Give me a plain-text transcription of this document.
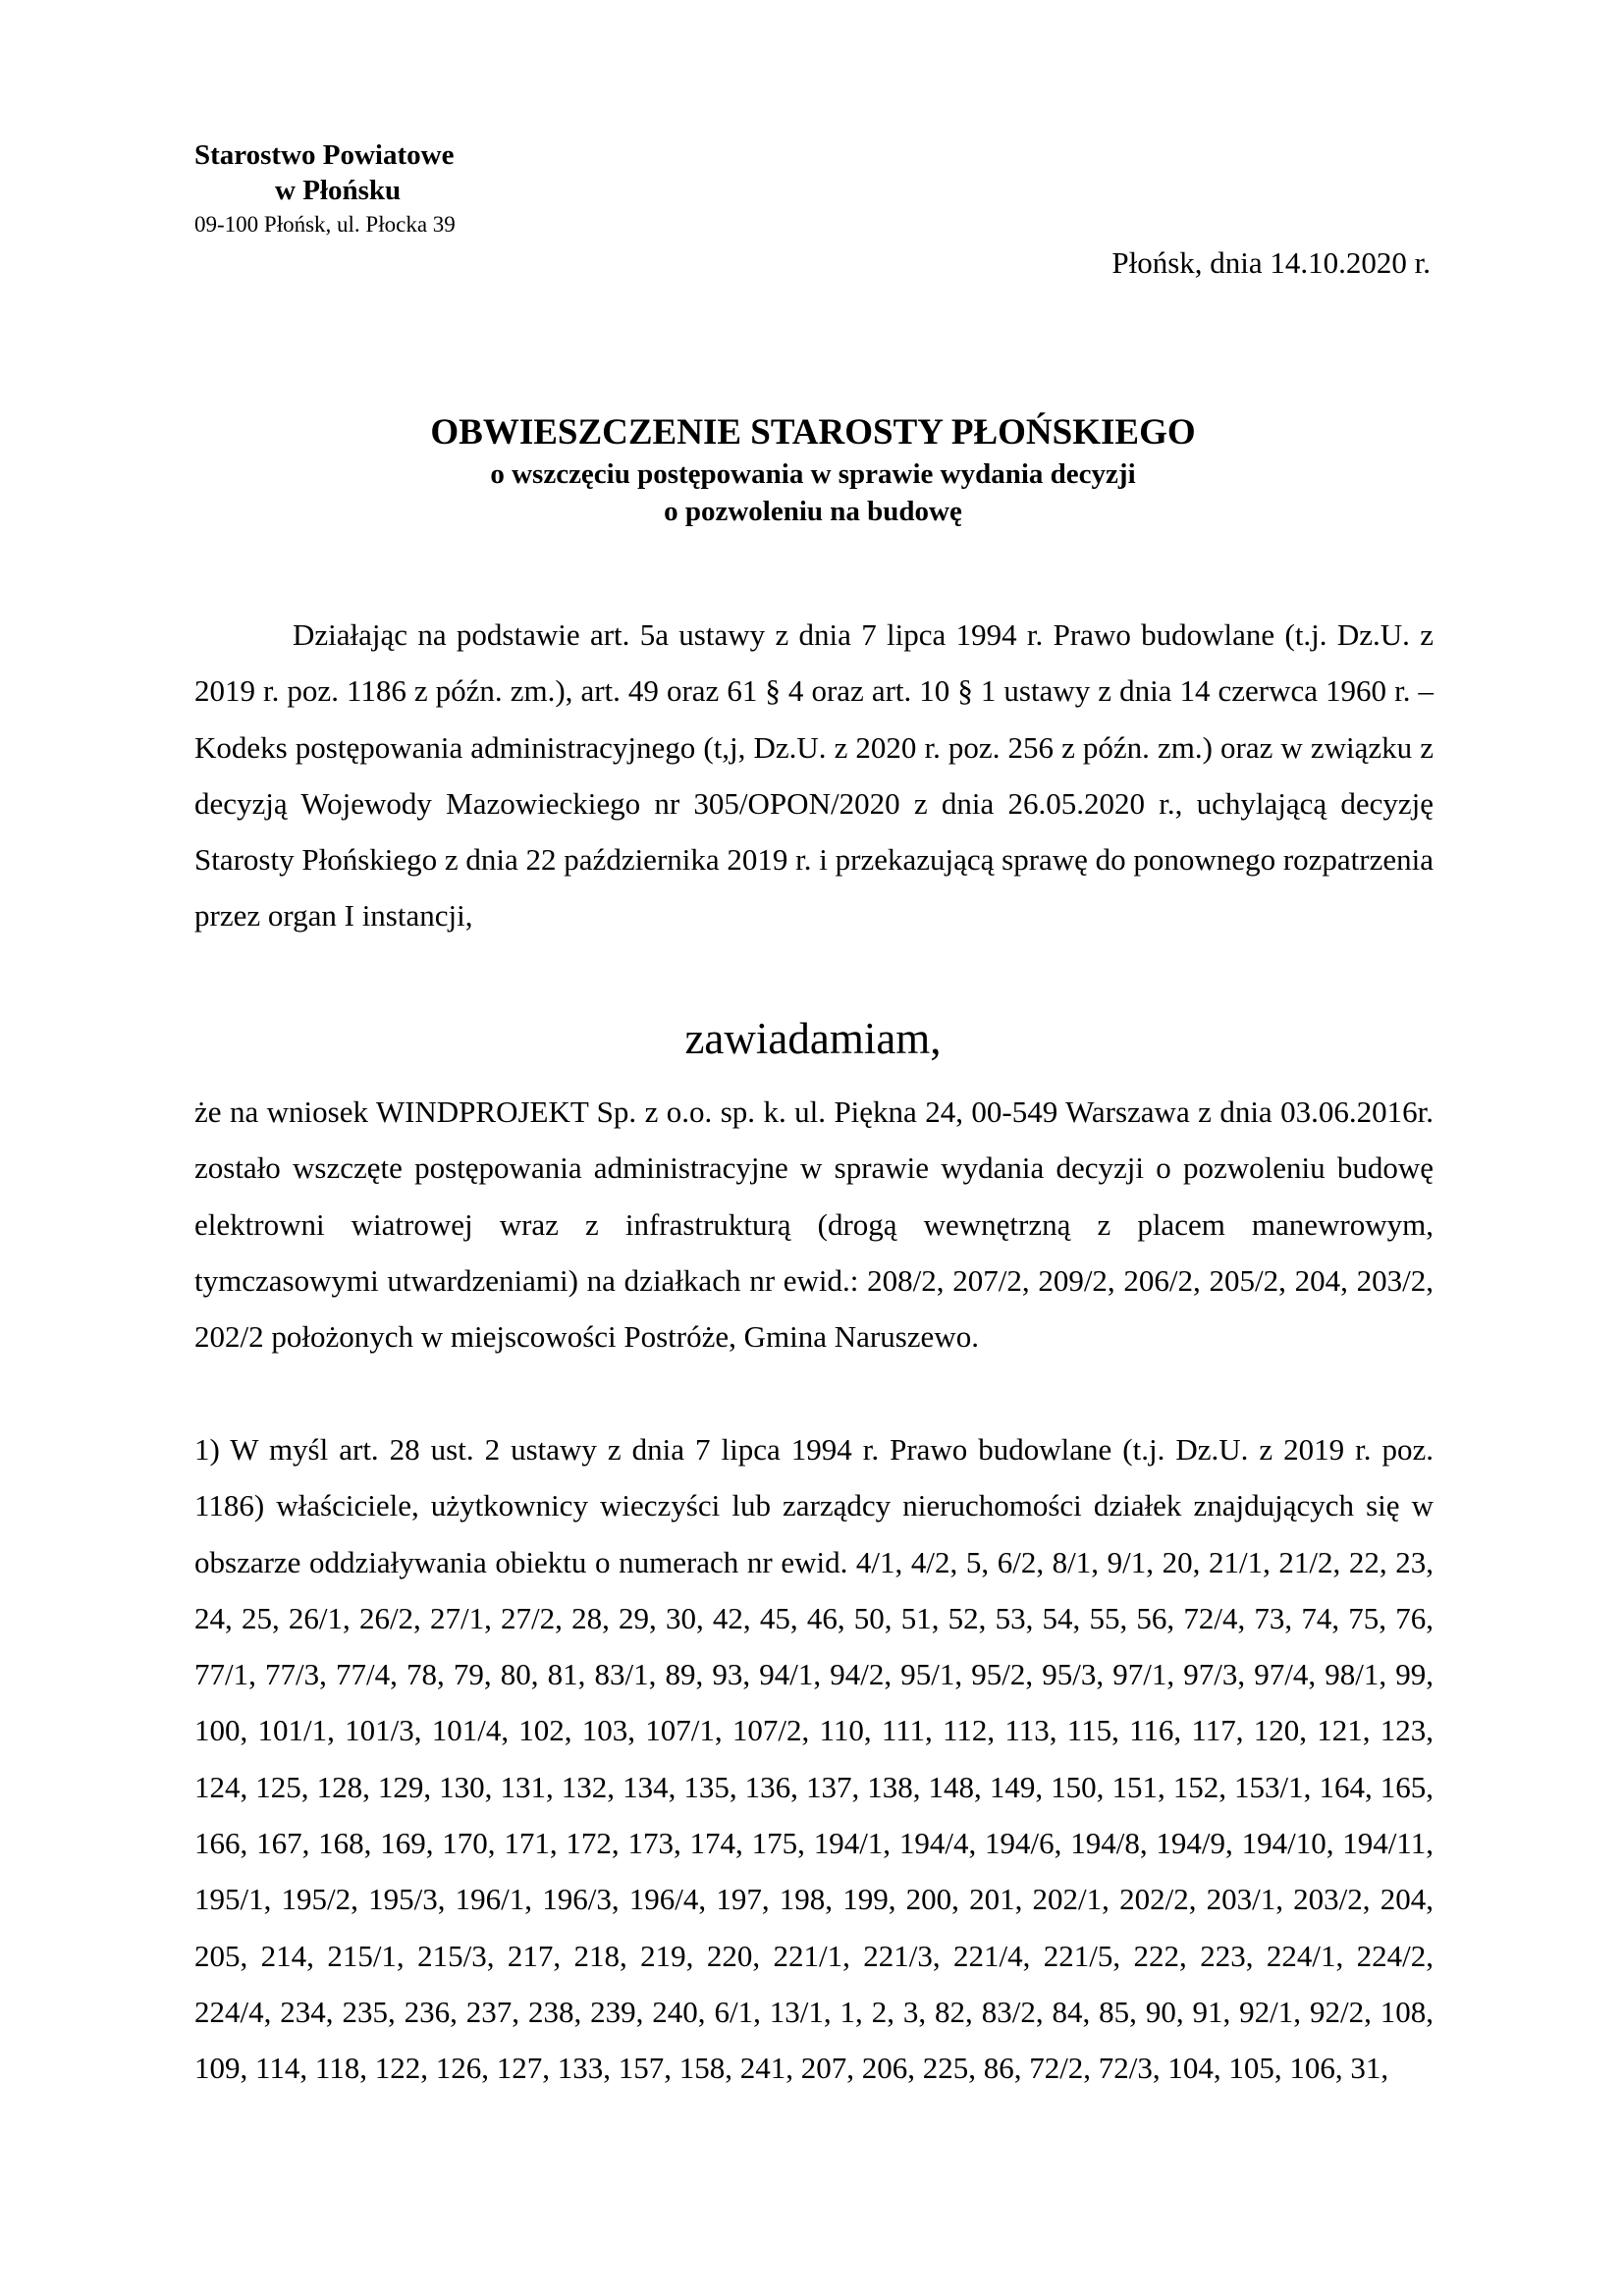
Starostwo Powiatowe
w Płońsku
09-100 Płońsk, ul. Płocka 39
Płońsk, dnia 14.10.2020 r.
OBWIESZCZENIE STAROSTY PŁOŃSKIEGO
o wszczęciu postępowania w sprawie wydania decyzji
o pozwoleniu na budowę

Działając na podstawie art. 5a ustawy z dnia 7 lipca 1994 r. Prawo budowlane (t.j. Dz.U. z 2019 r. poz. 1186 z późn. zm.), art. 49 oraz 61 § 4 oraz art. 10 § 1 ustawy z dnia 14 czerwca 1960 r. – Kodeks postępowania administracyjnego (t,j, Dz.U. z 2020 r. poz. 256 z późn. zm.) oraz w związku z decyzją Wojewody Mazowieckiego nr 305/OPON/2020 z dnia 26.05.2020 r., uchylającą decyzję Starosty Płońskiego z dnia 22 października 2019 r. i przekazującą sprawę do ponownego rozpatrzenia przez organ I instancji,

zawiadamiam,

że na wniosek WINDPROJEKT Sp. z o.o. sp. k. ul. Piękna 24, 00-549 Warszawa z dnia 03.06.2016r. zostało wszczęte postępowania administracyjne w sprawie wydania decyzji o pozwoleniu budowę elektrowni wiatrowej wraz z infrastrukturą (drogą wewnętrzną z placem manewrowym, tymczasowymi utwardzeniami) na działkach nr ewid.: 208/2, 207/2, 209/2, 206/2, 205/2, 204, 203/2, 202/2 położonych w miejscowości Postróże, Gmina Naruszewo.

1) W myśl art. 28 ust. 2 ustawy z dnia 7 lipca 1994 r. Prawo budowlane (t.j. Dz.U. z 2019 r. poz. 1186) właściciele, użytkownicy wieczyści lub zarządcy nieruchomości działek znajdujących się w obszarze oddziaływania obiektu o numerach nr ewid. 4/1, 4/2, 5, 6/2, 8/1, 9/1, 20, 21/1, 21/2, 22, 23, 24, 25, 26/1, 26/2, 27/1, 27/2, 28, 29, 30, 42, 45, 46, 50, 51, 52, 53, 54, 55, 56, 72/4, 73, 74, 75, 76, 77/1, 77/3, 77/4, 78, 79, 80, 81, 83/1, 89, 93, 94/1, 94/2, 95/1, 95/2, 95/3, 97/1, 97/3, 97/4, 98/1, 99, 100, 101/1, 101/3, 101/4, 102, 103, 107/1, 107/2, 110, 111, 112, 113, 115, 116, 117, 120, 121, 123, 124, 125, 128, 129, 130, 131, 132, 134, 135, 136, 137, 138, 148, 149, 150, 151, 152, 153/1, 164, 165, 166, 167, 168, 169, 170, 171, 172, 173, 174, 175, 194/1, 194/4, 194/6, 194/8, 194/9, 194/10, 194/11, 195/1, 195/2, 195/3, 196/1, 196/3, 196/4, 197, 198, 199, 200, 201, 202/1, 202/2, 203/1, 203/2, 204, 205, 214, 215/1, 215/3, 217, 218, 219, 220, 221/1, 221/3, 221/4, 221/5, 222, 223, 224/1, 224/2, 224/4, 234, 235, 236, 237, 238, 239, 240, 6/1, 13/1, 1, 2, 3, 82, 83/2, 84, 85, 90, 91, 92/1, 92/2, 108, 109, 114, 118, 122, 126, 127, 133, 157, 158, 241, 207, 206, 225, 86, 72/2, 72/3, 104, 105, 106, 31,
